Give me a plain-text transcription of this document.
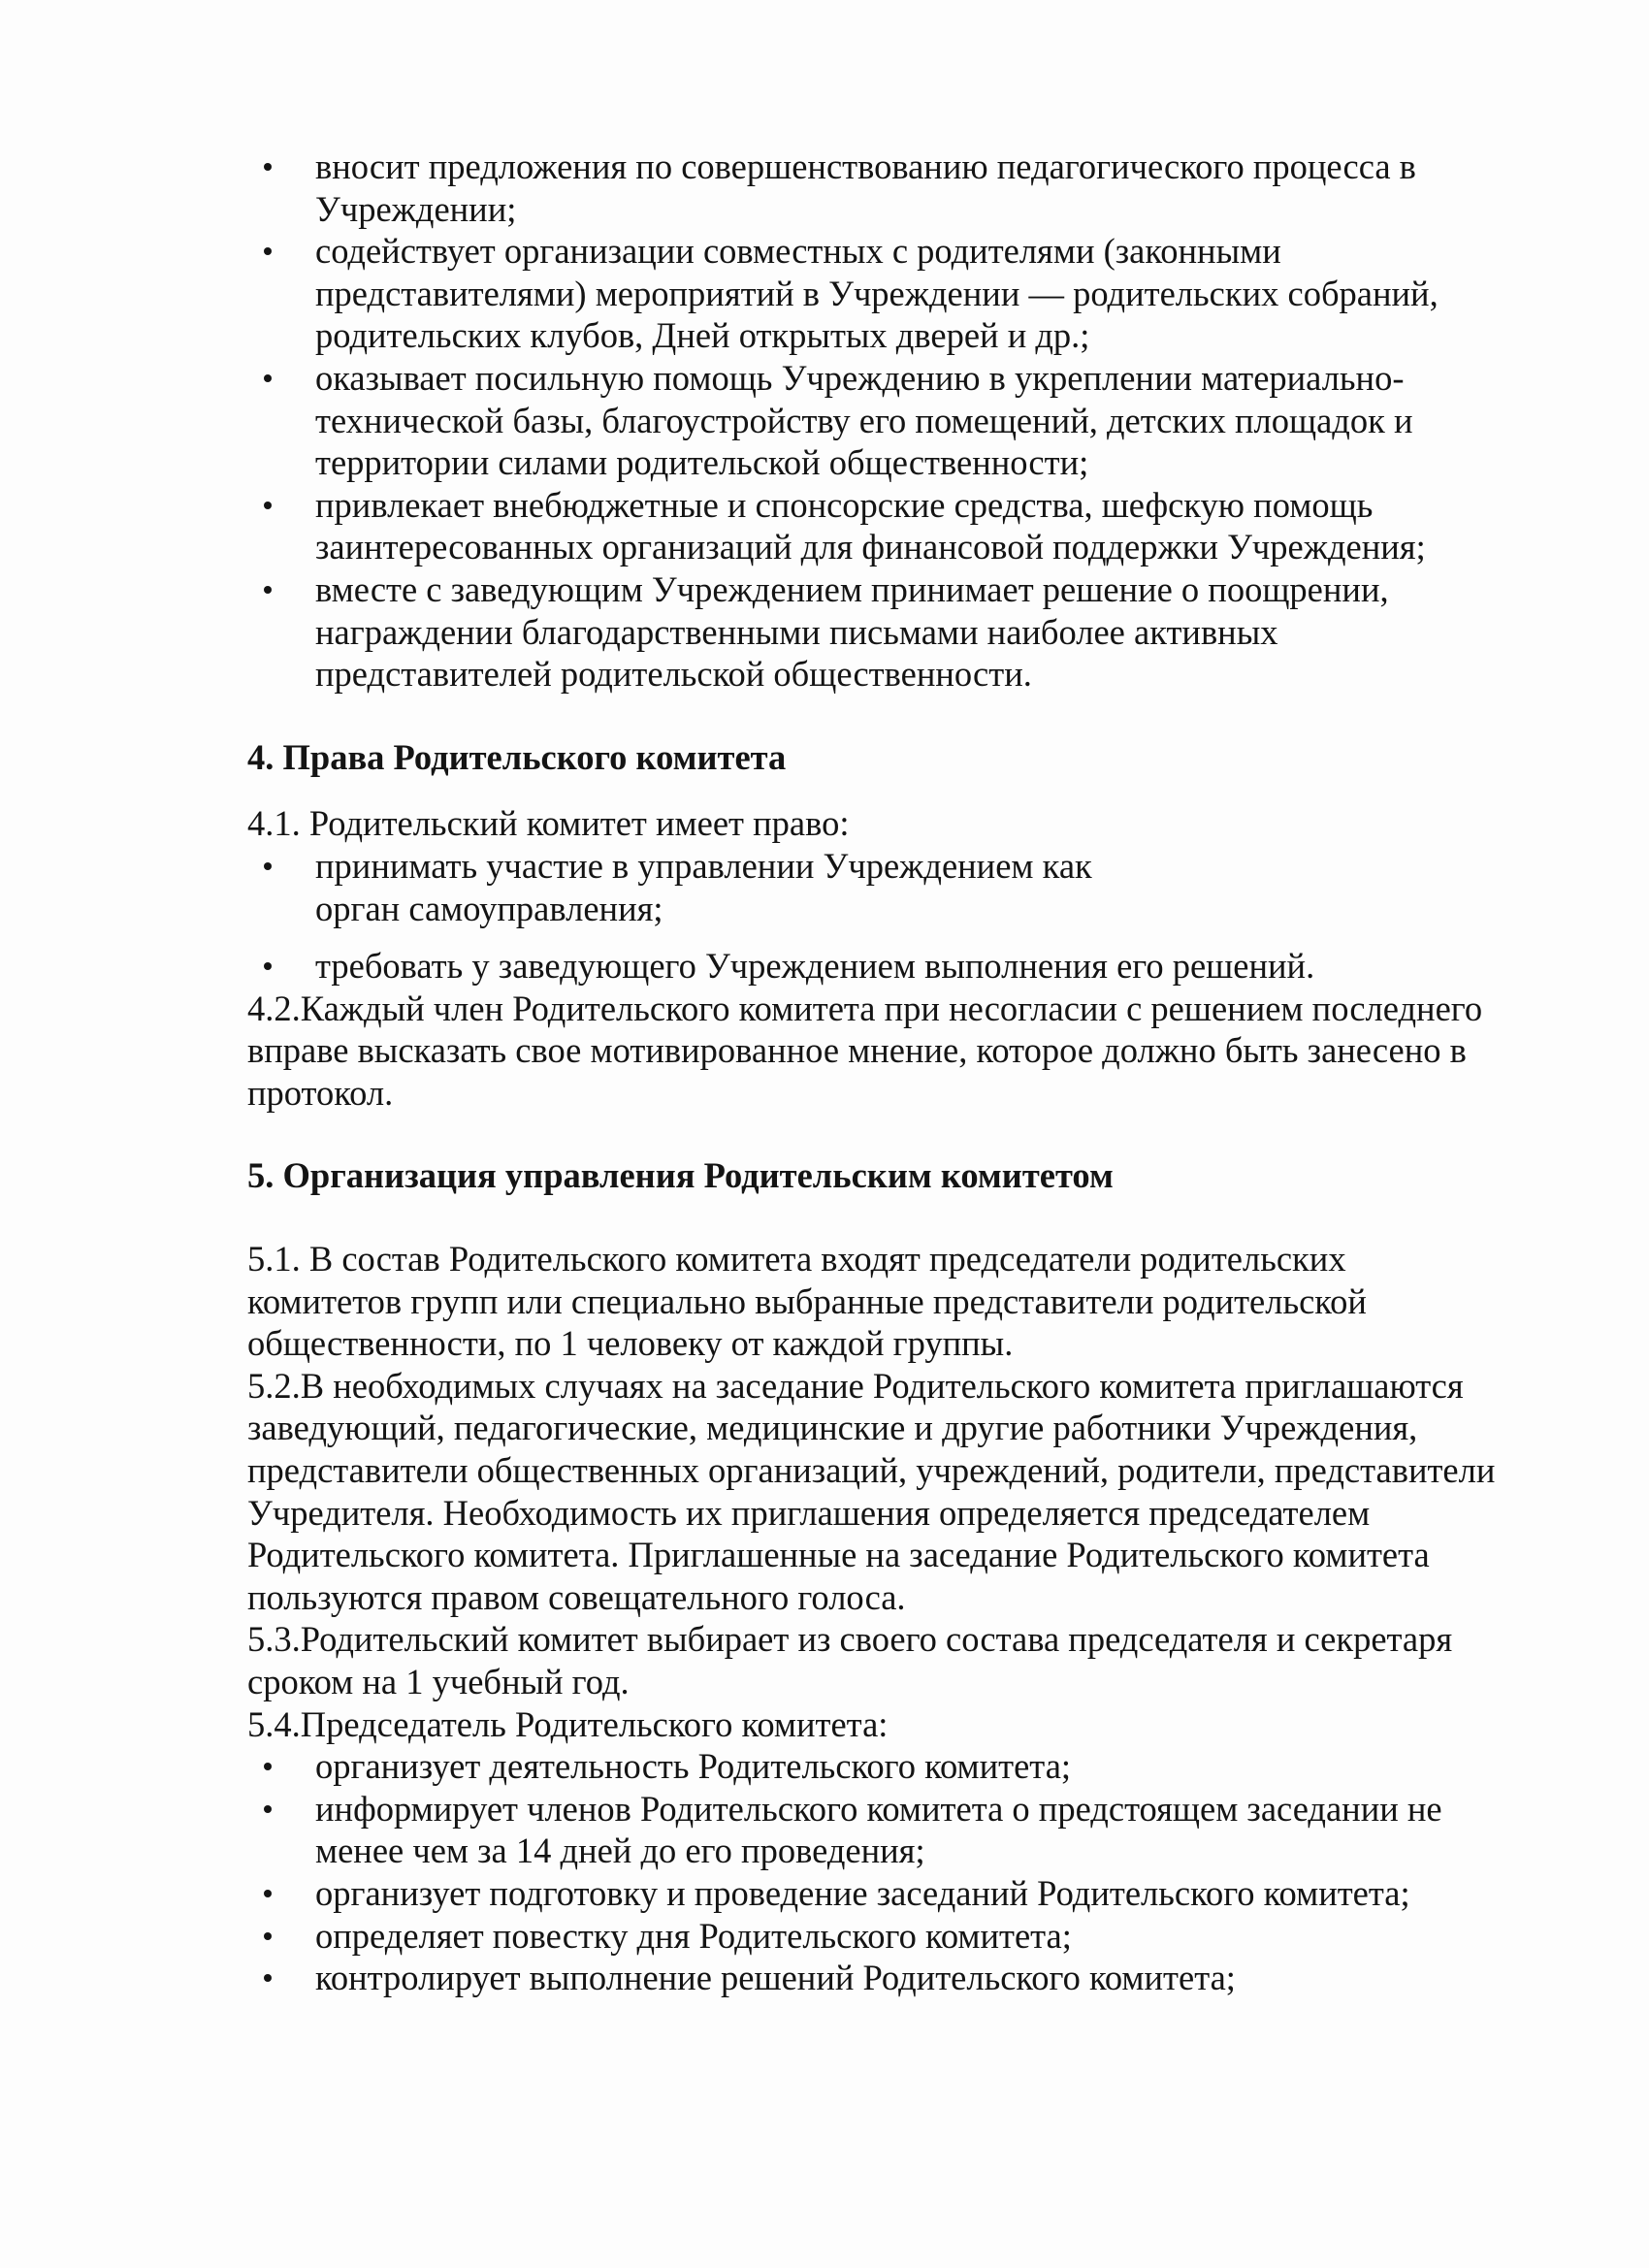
вносит предложения по совершенствованию педагогического процесса в Учреждении;
содействует организации совместных с родителями (законными представителями) мероприятий в Учреждении — родительских собраний, родительских клубов, Дней открытых дверей и др.;
оказывает посильную помощь Учреждению в укреплении материально-технической базы, благоустройству его помещений, детских площадок и территории силами родительской общественности;
привлекает внебюджетные и спонсорские средства, шефскую помощь заинтересованных организаций для финансовой поддержки Учреждения;
вместе с заведующим Учреждением принимает решение о поощрении, награждении благодарственными письмами наиболее активных представителей родительской общественности.

4. Права Родительского комитета

4.1. Родительский комитет имеет право:

принимать участие в управлении Учреждением как орган самоуправления;
требовать у заведующего Учреждением выполнения его решений.

4.2.Каждый член Родительского комитета при несогласии с решением последнего вправе высказать свое мотивированное мнение, которое должно быть занесено в протокол.

5. Организация управления Родительским комитетом

5.1. В состав Родительского комитета входят председатели родительских комитетов групп или специально выбранные представители родительской общественности, по 1 человеку от каждой группы.

5.2.В необходимых случаях на заседание Родительского комитета приглашаются заведующий, педагогические, медицинские и другие работники Учреждения, представители общественных организаций, учреждений, родители, представители Учредителя. Необходимость их приглашения определяется председателем Родительского комитета. Приглашенные на заседание Родительского комитета пользуются правом совещательного голоса.

5.3.Родительский комитет выбирает из своего состава председателя и секретаря сроком на 1 учебный год.

5.4.Председатель Родительского комитета:

организует деятельность Родительского комитета;
информирует членов Родительского комитета о предстоящем заседании не менее чем за 14 дней до его проведения;
организует подготовку и проведение заседаний Родительского комитета;
определяет повестку дня Родительского комитета;
контролирует выполнение решений Родительского комитета;
